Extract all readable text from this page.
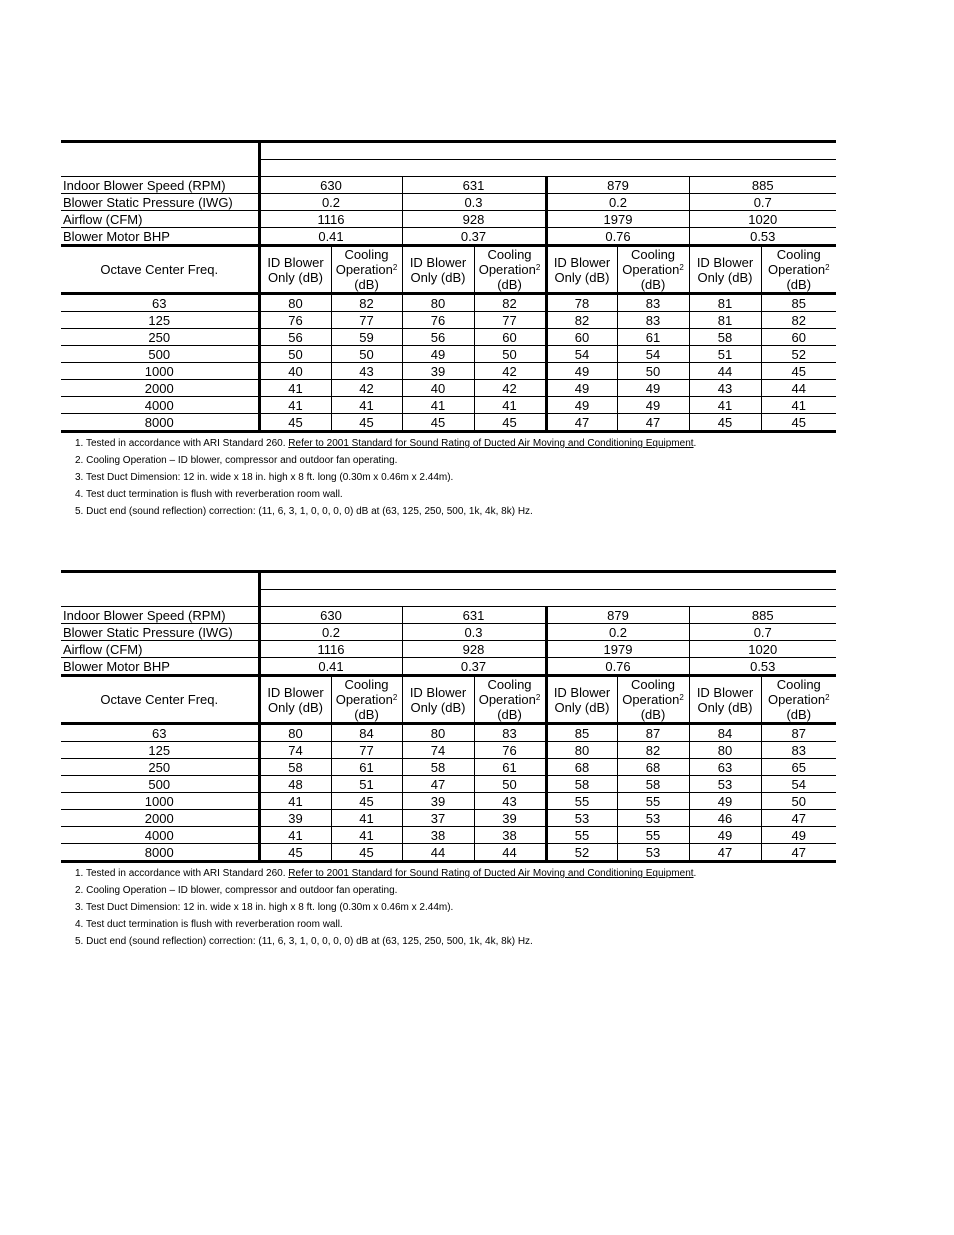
Indoor Blower Speed (RPM)	630		631		879		885	
Blower Static Pressure (IWG)	0.2		0.3		0.2		0.7	
Airflow (CFM)	1116		928		1979		1020	
Blower Motor BHP	0.41		0.37		0.76		0.53	
Octave Center Freq.	ID Blower
Only (dB)	Cooling
Operation$^2$
(dB)	ID Blower
Only (dB)	Cooling
Operation$^2$
(dB)	ID Blower
Only (dB)	Cooling
Operation$^2$
(dB)	ID Blower
Only (dB)	Cooling
Operation$^2$
(dB)
63	80	82	80	82	78	83	81	85
125	76	77	76	77	82	83	81	82
250	56	59	56	60	60	61	58	60
500	50	50	49	50	54	54	51	52
1000	40	43	39	42	49	50	44	45
2000	41	42	40	42	49	49	43	44
4000	41	41	41	41	49	49	41	41
8000	45	45	45	45	47	47	45	45
1. Tested in accordance with ARI Standard 260. Refer to 2001 Standard for Sound Rating of Ducted Air Moving and Conditioning Equipment.
2. Cooling Operation – ID blower, compressor and outdoor fan operating.
3. Test Duct Dimension: 12 in. wide x 18 in. high x 8 ft. long (0.30m x 0.46m x 2.44m).
4. Test duct termination is flush with reverberation room wall.
5. Duct end (sound reflection) correction: (11, 6, 3, 1, 0, 0, 0, 0) dB at (63, 125, 250, 500, 1k, 4k, 8k) Hz.

Indoor Blower Speed (RPM)	630		631		879		885	
Blower Static Pressure (IWG)	0.2		0.3		0.2		0.7	
Airflow (CFM)	1116		928		1979		1020	
Blower Motor BHP	0.41		0.37		0.76		0.53	
Octave Center Freq.	ID Blower
Only (dB)	Cooling
Operation$^2$
(dB)	ID Blower
Only (dB)	Cooling
Operation$^2$
(dB)	ID Blower
Only (dB)	Cooling
Operation$^2$
(dB)	ID Blower
Only (dB)	Cooling
Operation$^2$
(dB)
63	80	84	80	83	85	87	84	87
125	74	77	74	76	80	82	80	83
250	58	61	58	61	68	68	63	65
500	48	51	47	50	58	58	53	54
1000	41	45	39	43	55	55	49	50
2000	39	41	37	39	53	53	46	47
4000	41	41	38	38	55	55	49	49
8000	45	45	44	44	52	53	47	47
1. Tested in accordance with ARI Standard 260. Refer to 2001 Standard for Sound Rating of Ducted Air Moving and Conditioning Equipment.
2. Cooling Operation – ID blower, compressor and outdoor fan operating.
3. Test Duct Dimension: 12 in. wide x 18 in. high x 8 ft. long (0.30m x 0.46m x 2.44m).
4. Test duct termination is flush with reverberation room wall.
5. Duct end (sound reflection) correction: (11, 6, 3, 1, 0, 0, 0, 0) dB at (63, 125, 250, 500, 1k, 4k, 8k) Hz.
